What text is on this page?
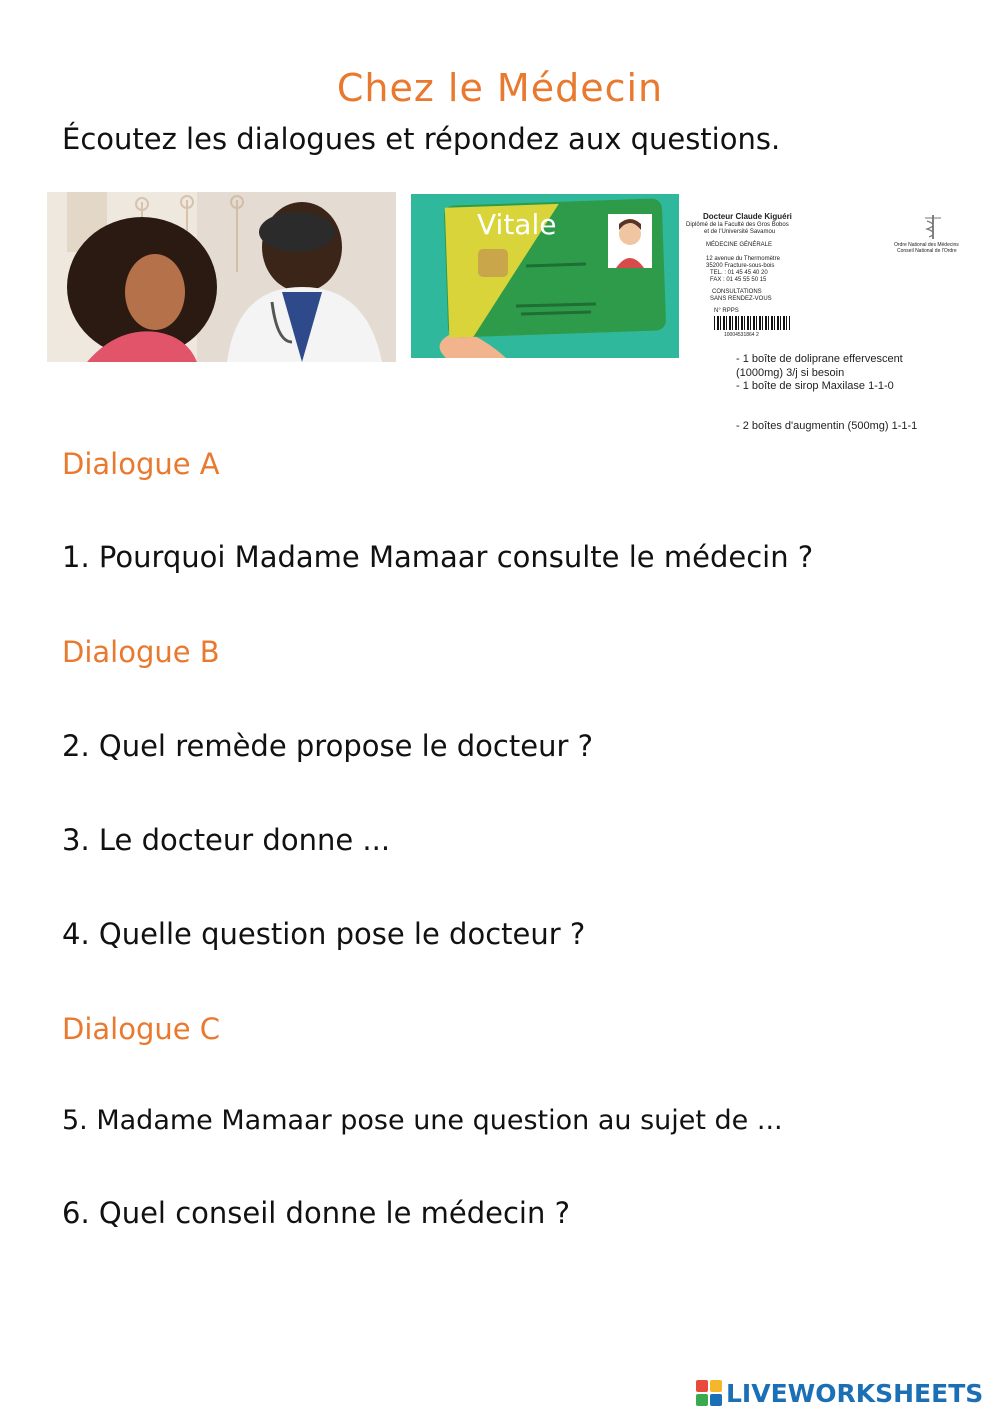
Chez le Médecin
Écoutez les dialogues et répondez aux questions.
Vitale	Docteur Claude Kiguéri
Diplômé de la Faculté des Gros Bobos
et de l'Université Savamou
MÉDECINE GÉNÉRALE
12 avenue du Thermomètre
35200 Fracture-sous-bois
TEL. : 01 45 45 40 20
FAX : 01 45 55 50 15
CONSULTATIONS
SANS RENDEZ-VOUS
N° RPPS
10004531864 2
Ordre National des Médecins
Conseil National de l'Ordre
- 1 boîte de doliprane effervescent
(1000mg) 3/j si besoin
- 1 boîte de sirop Maxilase 1-1-0
- 2 boîtes d'augmentin (500mg) 1-1-1
Dialogue A
1. Pourquoi Madame Mamaar consulte le médecin ?
Dialogue B
2. Quel remède propose le docteur ?
3. Le docteur donne ...
4. Quelle question pose le docteur ?
Dialogue C
5. Madame Mamaar pose une question au sujet de ...
6. Quel conseil donne le médecin ?
LIVEWORKSHEETS
